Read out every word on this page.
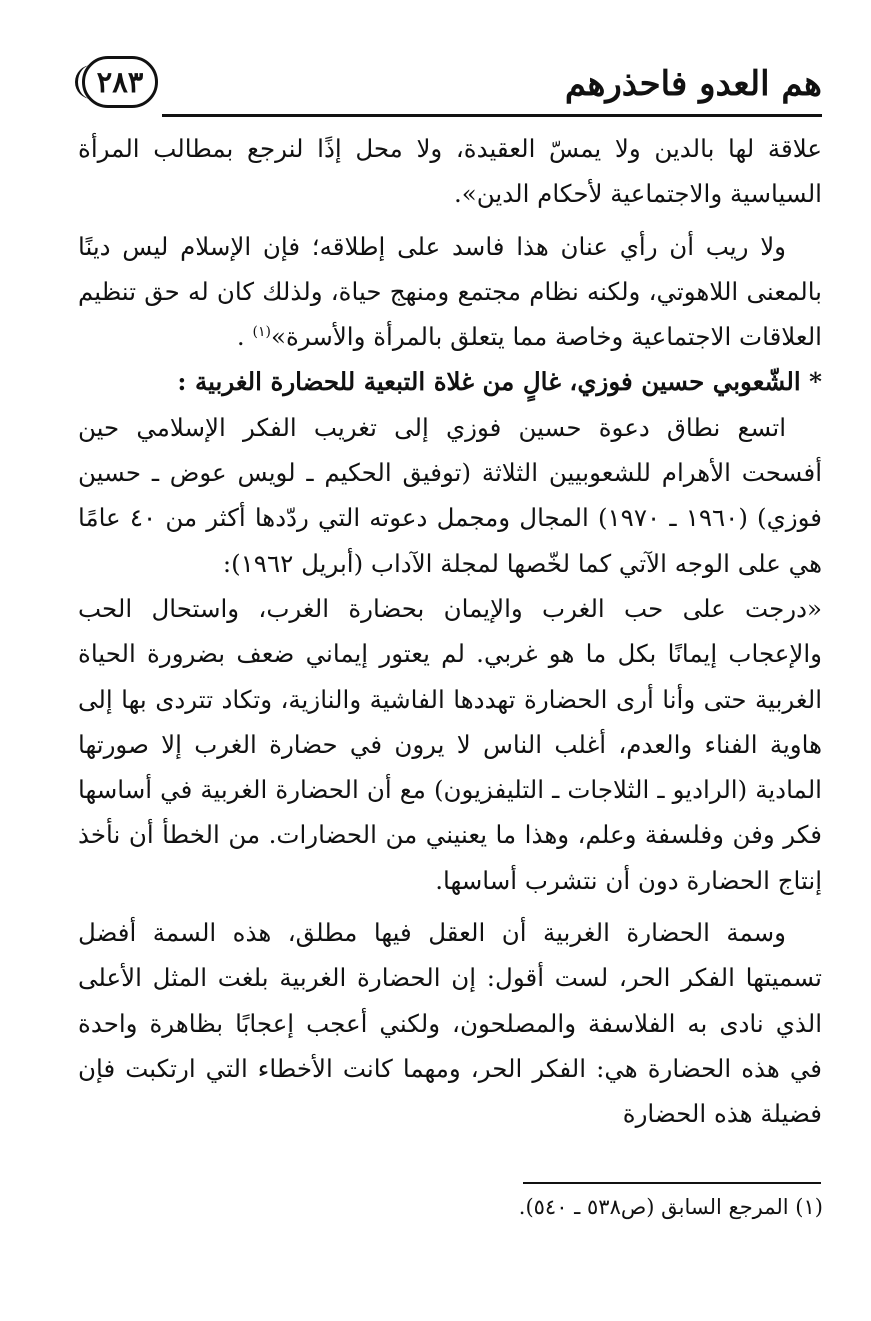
هم العدو فاحذرهم
٢٨٣

علاقة لها بالدين ولا يمسّ العقيدة، ولا محل إذًا لنرجع بمطالب المرأة السياسية والاجتماعية لأحكام الدين».

ولا ريب أن رأي عنان هذا فاسد على إطلاقه؛ فإن الإسلام ليس دينًا بالمعنى اللاهوتي، ولكنه نظام مجتمع ومنهج حياة، ولذلك كان له حق تنظيم العلاقات الاجتماعية وخاصة مما يتعلق بالمرأة والأسرة»$^{(١)}$ .

* الشّعوبي حسين فوزي، غالٍ من غلاة التبعية للحضارة الغربية :

اتسع نطاق دعوة حسين فوزي إلى تغريب الفكر الإسلامي حين أفسحت الأهرام للشعوبيين الثلاثة (توفيق الحكيم ـ لويس عوض ـ حسين فوزي) (١٩٦٠ ـ ١٩٧٠) المجال ومجمل دعوته التي ردّدها أكثر من ٤٠ عامًا هي على الوجه الآتي كما لخّصها لمجلة الآداب (أبريل ١٩٦٢):

«درجت على حب الغرب والإيمان بحضارة الغرب، واستحال الحب والإعجاب إيمانًا بكل ما هو غربي. لم يعتور إيماني ضعف بضرورة الحياة الغربية حتى وأنا أرى الحضارة تهددها الفاشية والنازية، وتكاد تتردى بها إلى هاوية الفناء والعدم، أغلب الناس لا يرون في حضارة الغرب إلا صورتها المادية (الراديو ـ الثلاجات ـ التليفزيون) مع أن الحضارة الغربية في أساسها فكر وفن وفلسفة وعلم، وهذا ما يعنيني من الحضارات. من الخطأ أن نأخذ إنتاج الحضارة دون أن نتشرب أساسها.

وسمة الحضارة الغربية أن العقل فيها مطلق، هذه السمة أفضل تسميتها الفكر الحر، لست أقول: إن الحضارة الغربية بلغت المثل الأعلى الذي نادى به الفلاسفة والمصلحون، ولكني أعجب إعجابًا بظاهرة واحدة في هذه الحضارة هي: الفكر الحر، ومهما كانت الأخطاء التي ارتكبت فإن فضيلة هذه الحضارة

(١) المرجع السابق (ص٥٣٨ ـ ٥٤٠).
